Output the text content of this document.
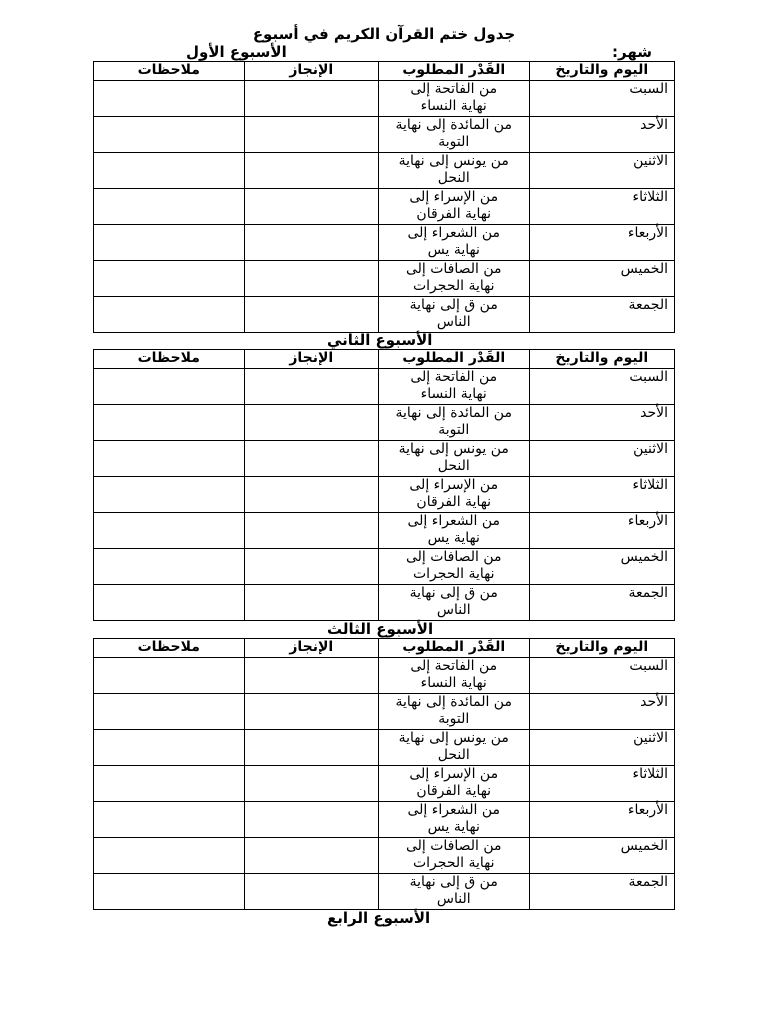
جدول ختم القرآن الكريم في أسبوع
شهر:
الأسبوع الأول
اليوم والتاريخ	القَدْر المطلوب	الإنجاز	ملاحظات
السبت	من الفاتحة إلى
نهاية النساء		

الأحد	من المائدة إلى نهاية
التوبة		

الاثنين	من يونس إلى نهاية
النحل		

الثلاثاء	من الإسراء إلى
نهاية الفرقان		

الأربعاء	من الشعراء إلى
نهاية يس		

الخميس	من الصافات إلى
نهاية الحجرات		

الجمعة	من ق إلى نهاية
الناس		

الأسبوع الثاني
اليوم والتاريخ	القَدْر المطلوب	الإنجاز	ملاحظات
السبت	من الفاتحة إلى
نهاية النساء		

الأحد	من المائدة إلى نهاية
التوبة		

الاثنين	من يونس إلى نهاية
النحل		

الثلاثاء	من الإسراء إلى
نهاية الفرقان		

الأربعاء	من الشعراء إلى
نهاية يس		

الخميس	من الصافات إلى
نهاية الحجرات		

الجمعة	من ق إلى نهاية
الناس		

الأسبوع الثالث
اليوم والتاريخ	القَدْر المطلوب	الإنجاز	ملاحظات
السبت	من الفاتحة إلى
نهاية النساء		

الأحد	من المائدة إلى نهاية
التوبة		

الاثنين	من يونس إلى نهاية
النحل		

الثلاثاء	من الإسراء إلى
نهاية الفرقان		

الأربعاء	من الشعراء إلى
نهاية يس		

الخميس	من الصافات إلى
نهاية الحجرات		

الجمعة	من ق إلى نهاية
الناس		

الأسبوع الرابع
